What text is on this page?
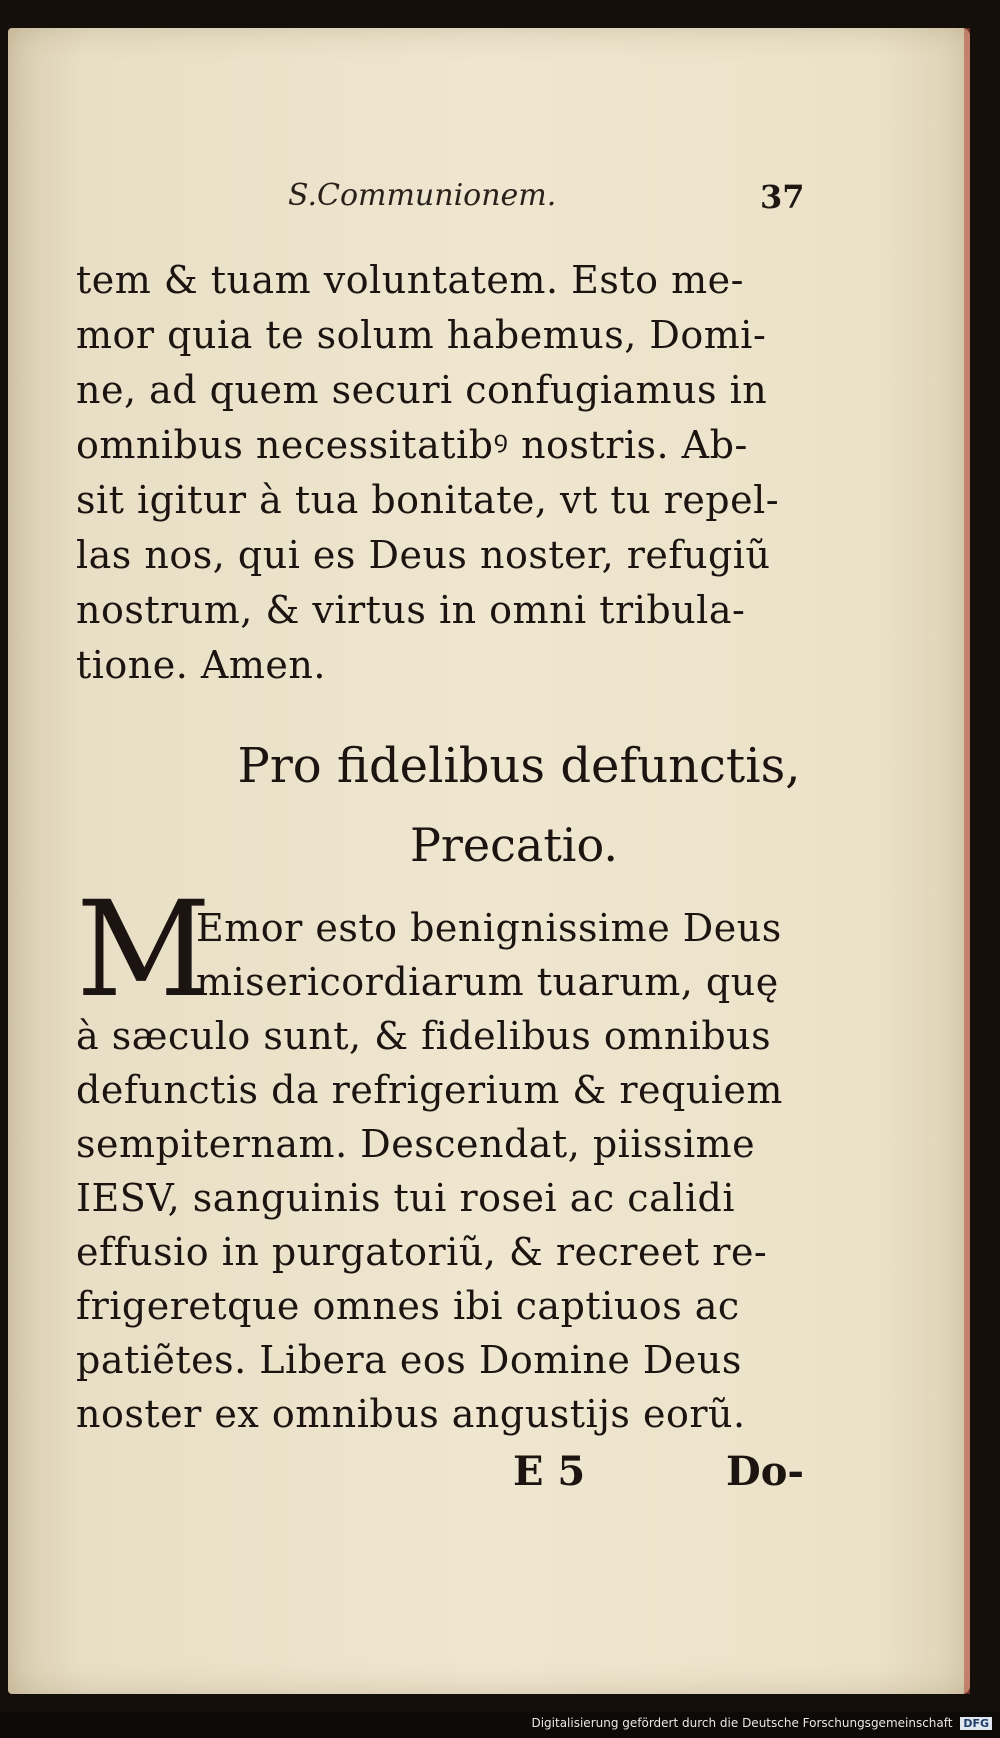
S.Communionem.	37
tem & tuam voluntatem. Esto me-
mor quia te solum habemus, Domi-
ne, ad quem securi confugiamus in
omnibus necessitatibꝰ nostris. Ab-
sit igitur à tua bonitate, vt tu repel-
las nos, qui es Deus noster, refugiũ
nostrum, & virtus in omni tribula-
tione. Amen.
Pro fidelibus defunctis,
Precatio.
M
Emor esto benignissime Deus
misericordiarum tuarum, quę
à sæculo sunt, & fidelibus omnibus
defunctis da refrigerium & requiem
sempiternam. Descendat, piissime
IESV, sanguinis tui rosei ac calidi
effusio in purgatoriũ, & recreet re-
frigeretque omnes ibi captiuos ac
patiẽtes. Libera eos Domine Deus
noster ex omnibus angustijs eorũ.
E 5	Do-
Digitalisierung gefördert durch die Deutsche Forschungsgemeinschaft DFG
